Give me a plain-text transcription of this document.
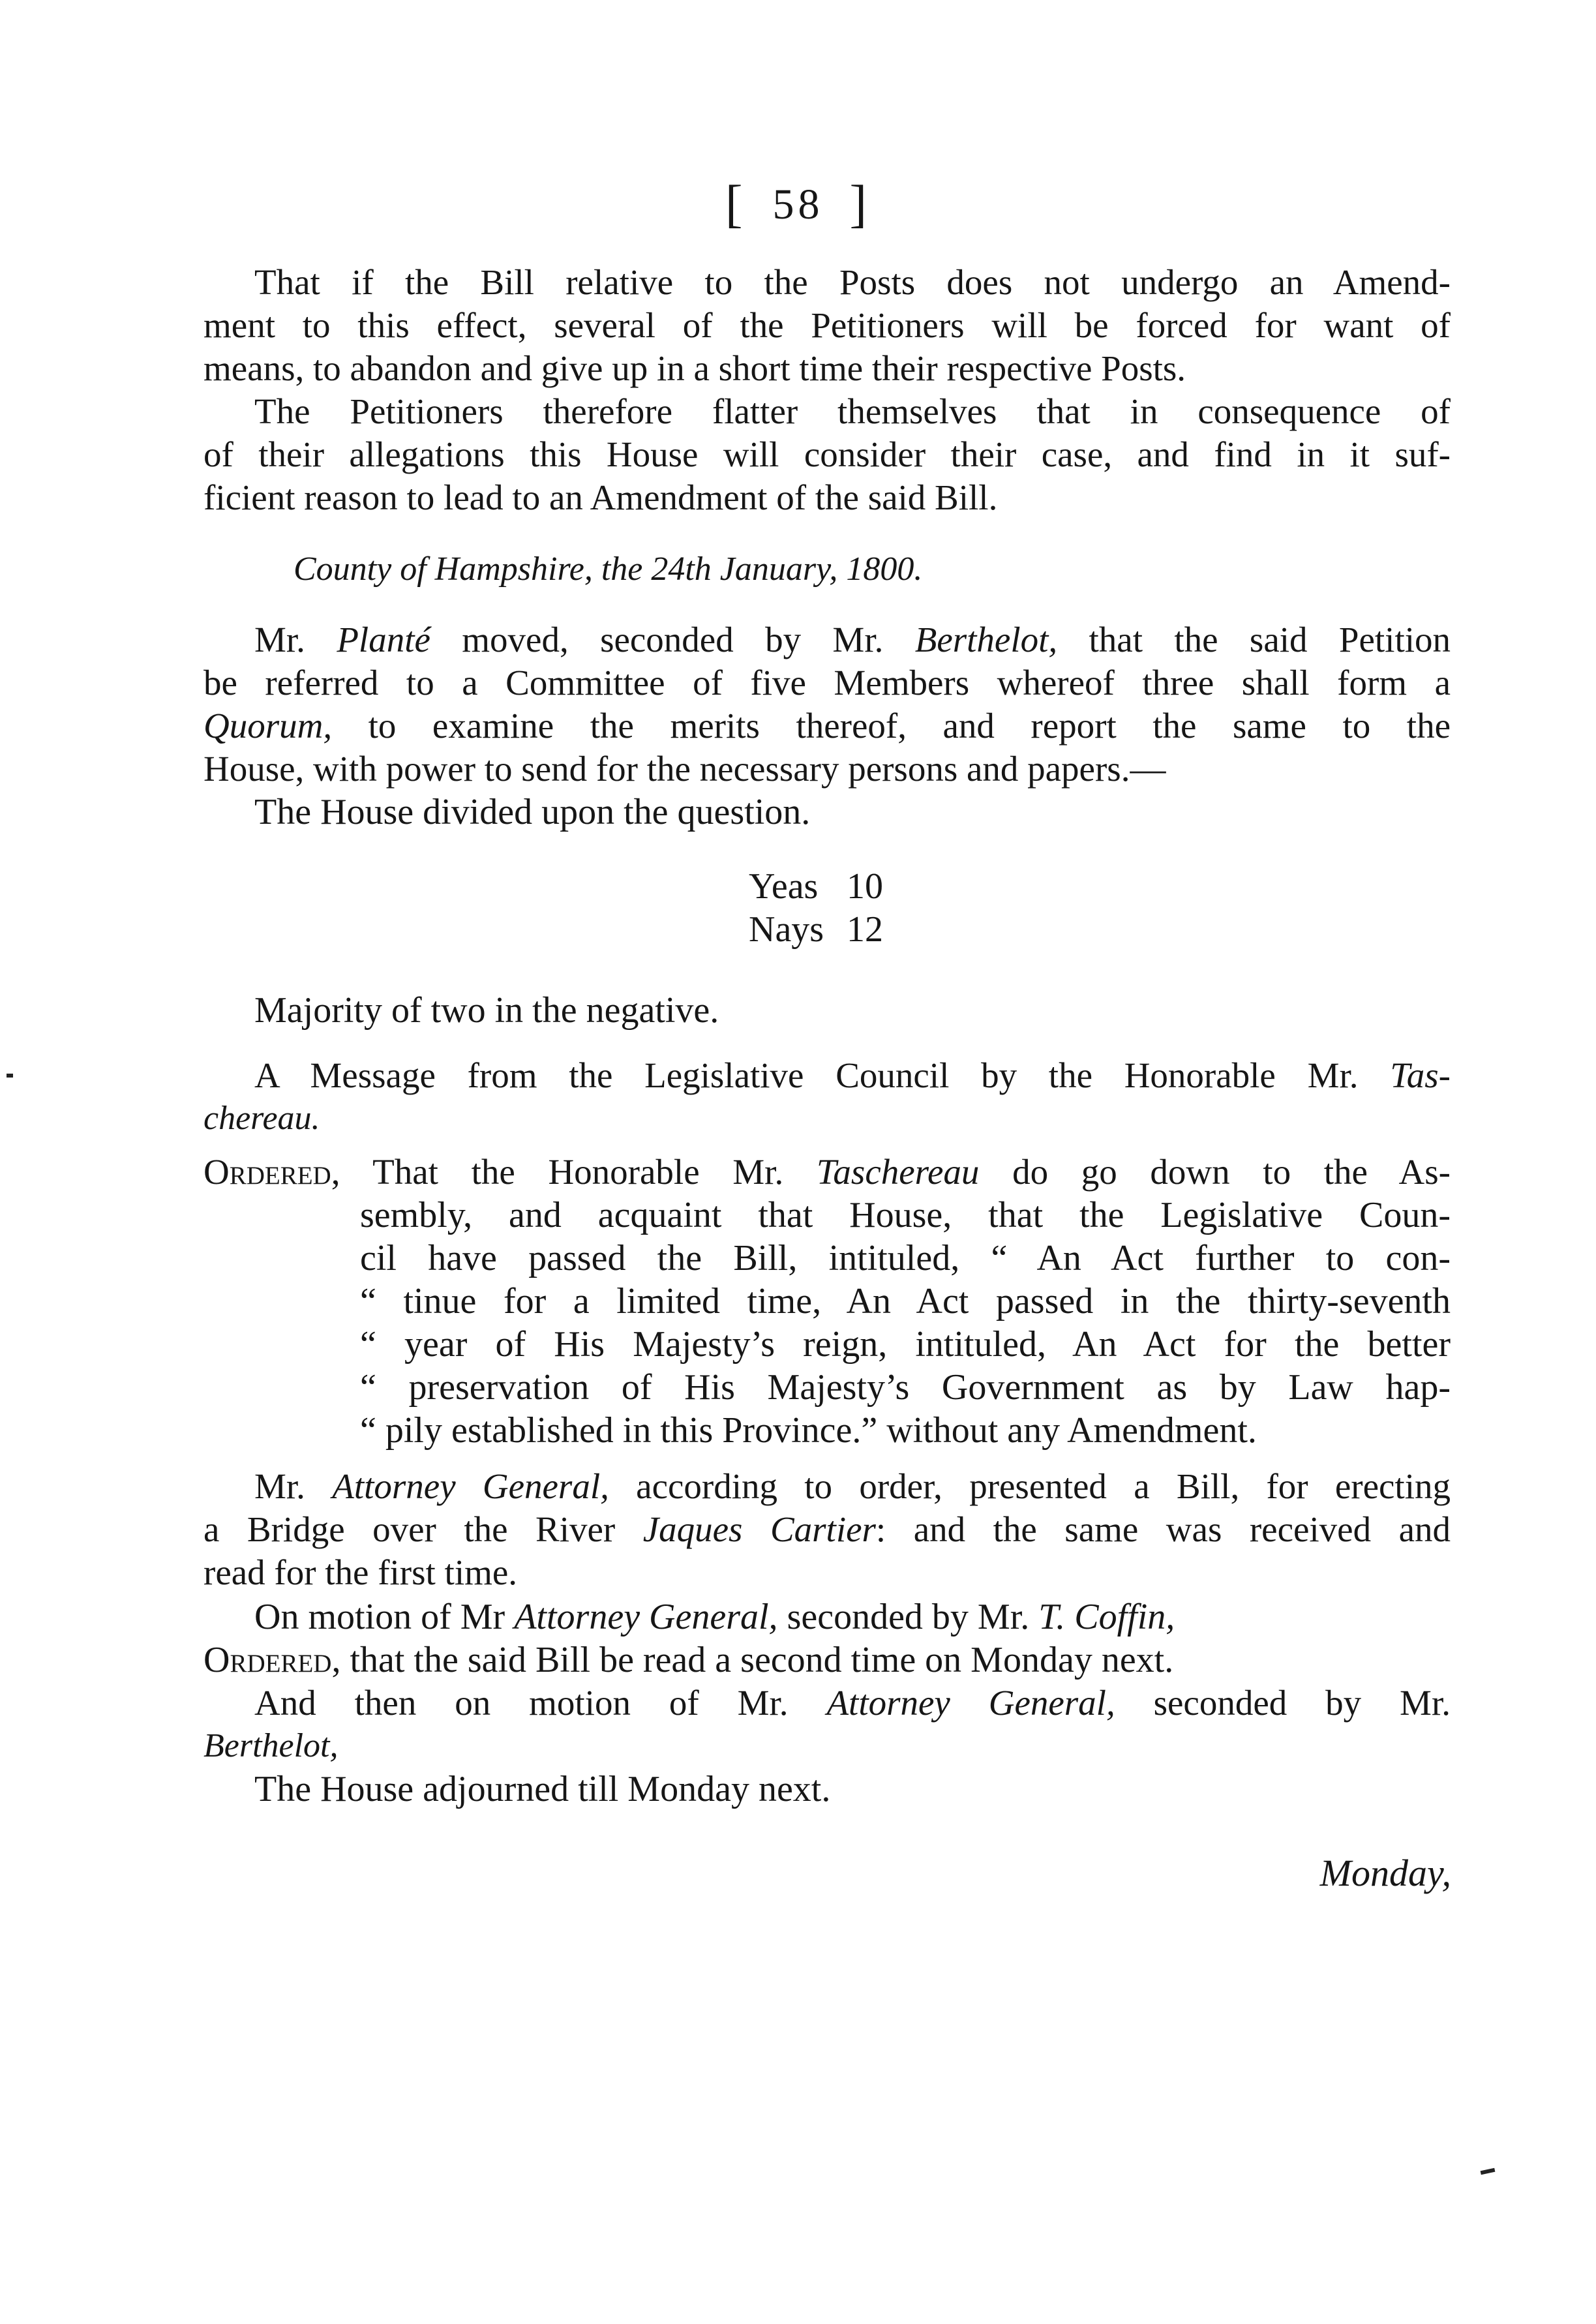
[ 58 ]
That if the Bill relative to the Posts does not undergo an Amend-
ment to this effect, several of the Petitioners will be forced for want of
means, to abandon and give up in a short time their respective Posts.
The Petitioners therefore flatter themselves that in consequence of
of their allegations this House will consider their case, and find in it suf-
ficient reason to lead to an Amendment of the said Bill.
County of Hampshire, the 24th January, 1800.
Mr. Planté moved, seconded by Mr. Berthelot, that the said Petition
be referred to a Committee of five Members whereof three shall form a
Quorum, to examine the merits thereof, and report the same to the
House, with power to send for the necessary persons and papers.—
The House divided upon the question.
Yeas 10
Nays 12
Majority of two in the negative.
A Message from the Legislative Council by the Honorable Mr. Tas-
chereau.
Ordered, That the Honorable Mr. Taschereau do go down to the As-
sembly, and acquaint that House, that the Legislative Coun-
cil have passed the Bill, intituled, “ An Act further to con-
“ tinue for a limited time, An Act passed in the thirty-seventh
“ year of His Majesty’s reign, intituled, An Act for the better
“ preservation of His Majesty’s Government as by Law hap-
“ pily established in this Province.” without any Amendment.
Mr. Attorney General, according to order, presented a Bill, for erecting
a Bridge over the River Jaques Cartier: and the same was received and
read for the first time.
On motion of Mr Attorney General, seconded by Mr. T. Coffin,
Ordered, that the said Bill be read a second time on Monday next.
And then on motion of Mr. Attorney General, seconded by Mr.
Berthelot,
The House adjourned till Monday next.
Monday,
